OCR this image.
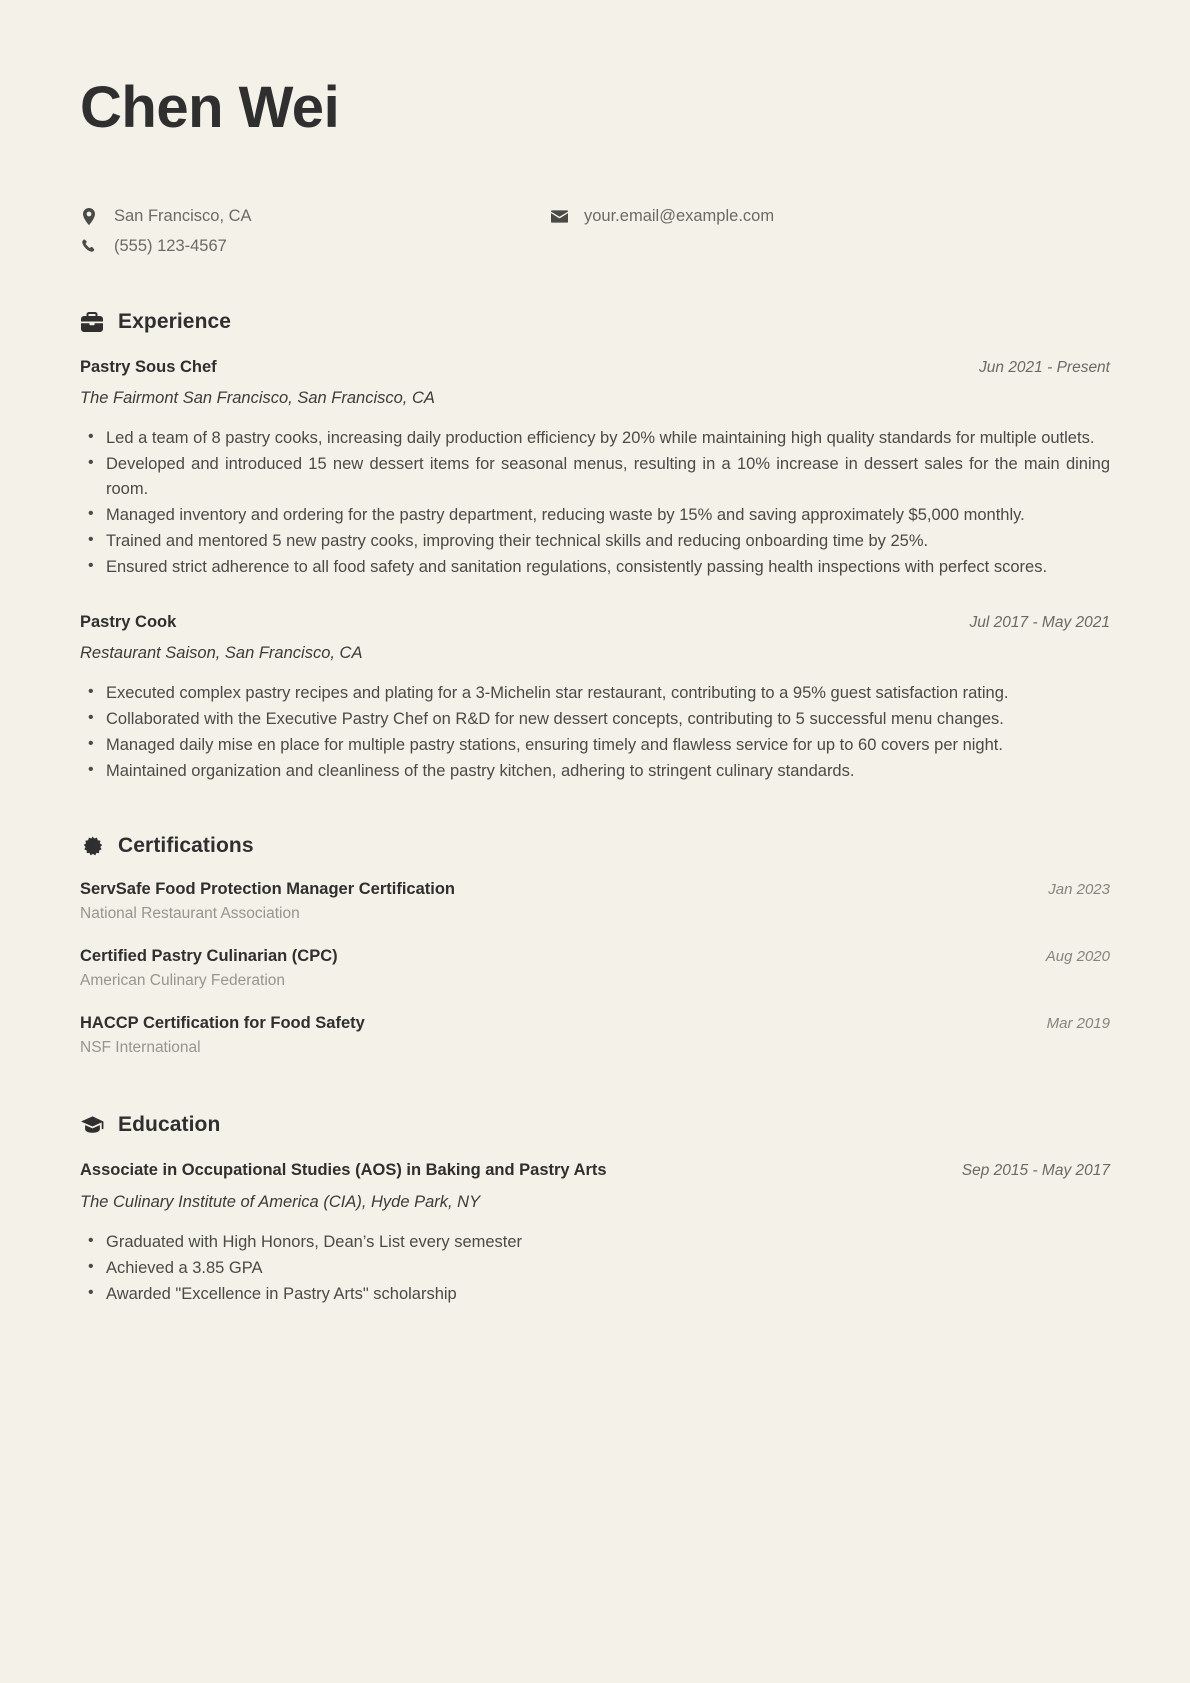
Chen Wei
San Francisco, CA
(555) 123-4567
your.email@example.com
Experience
Pastry Sous Chef	Jun 2021 - Present
The Fairmont San Francisco, San Francisco, CA
• Led a team of 8 pastry cooks, increasing daily production efficiency by 20% while maintaining high quality standards for multiple outlets.
• Developed and introduced 15 new dessert items for seasonal menus, resulting in a 10% increase in dessert sales for the main dining room.
• Managed inventory and ordering for the pastry department, reducing waste by 15% and saving approximately $5,000 monthly.
• Trained and mentored 5 new pastry cooks, improving their technical skills and reducing onboarding time by 25%.
• Ensured strict adherence to all food safety and sanitation regulations, consistently passing health inspections with perfect scores.
Pastry Cook	Jul 2017 - May 2021
Restaurant Saison, San Francisco, CA
• Executed complex pastry recipes and plating for a 3-Michelin star restaurant, contributing to a 95% guest satisfaction rating.
• Collaborated with the Executive Pastry Chef on R&D for new dessert concepts, contributing to 5 successful menu changes.
• Managed daily mise en place for multiple pastry stations, ensuring timely and flawless service for up to 60 covers per night.
• Maintained organization and cleanliness of the pastry kitchen, adhering to stringent culinary standards.
Certifications
ServSafe Food Protection Manager Certification	Jan 2023
National Restaurant Association
Certified Pastry Culinarian (CPC)	Aug 2020
American Culinary Federation
HACCP Certification for Food Safety	Mar 2019
NSF International
Education
Associate in Occupational Studies (AOS) in Baking and Pastry Arts	Sep 2015 - May 2017
The Culinary Institute of America (CIA), Hyde Park, NY
• Graduated with High Honors, Dean’s List every semester
• Achieved a 3.85 GPA
• Awarded "Excellence in Pastry Arts" scholarship
